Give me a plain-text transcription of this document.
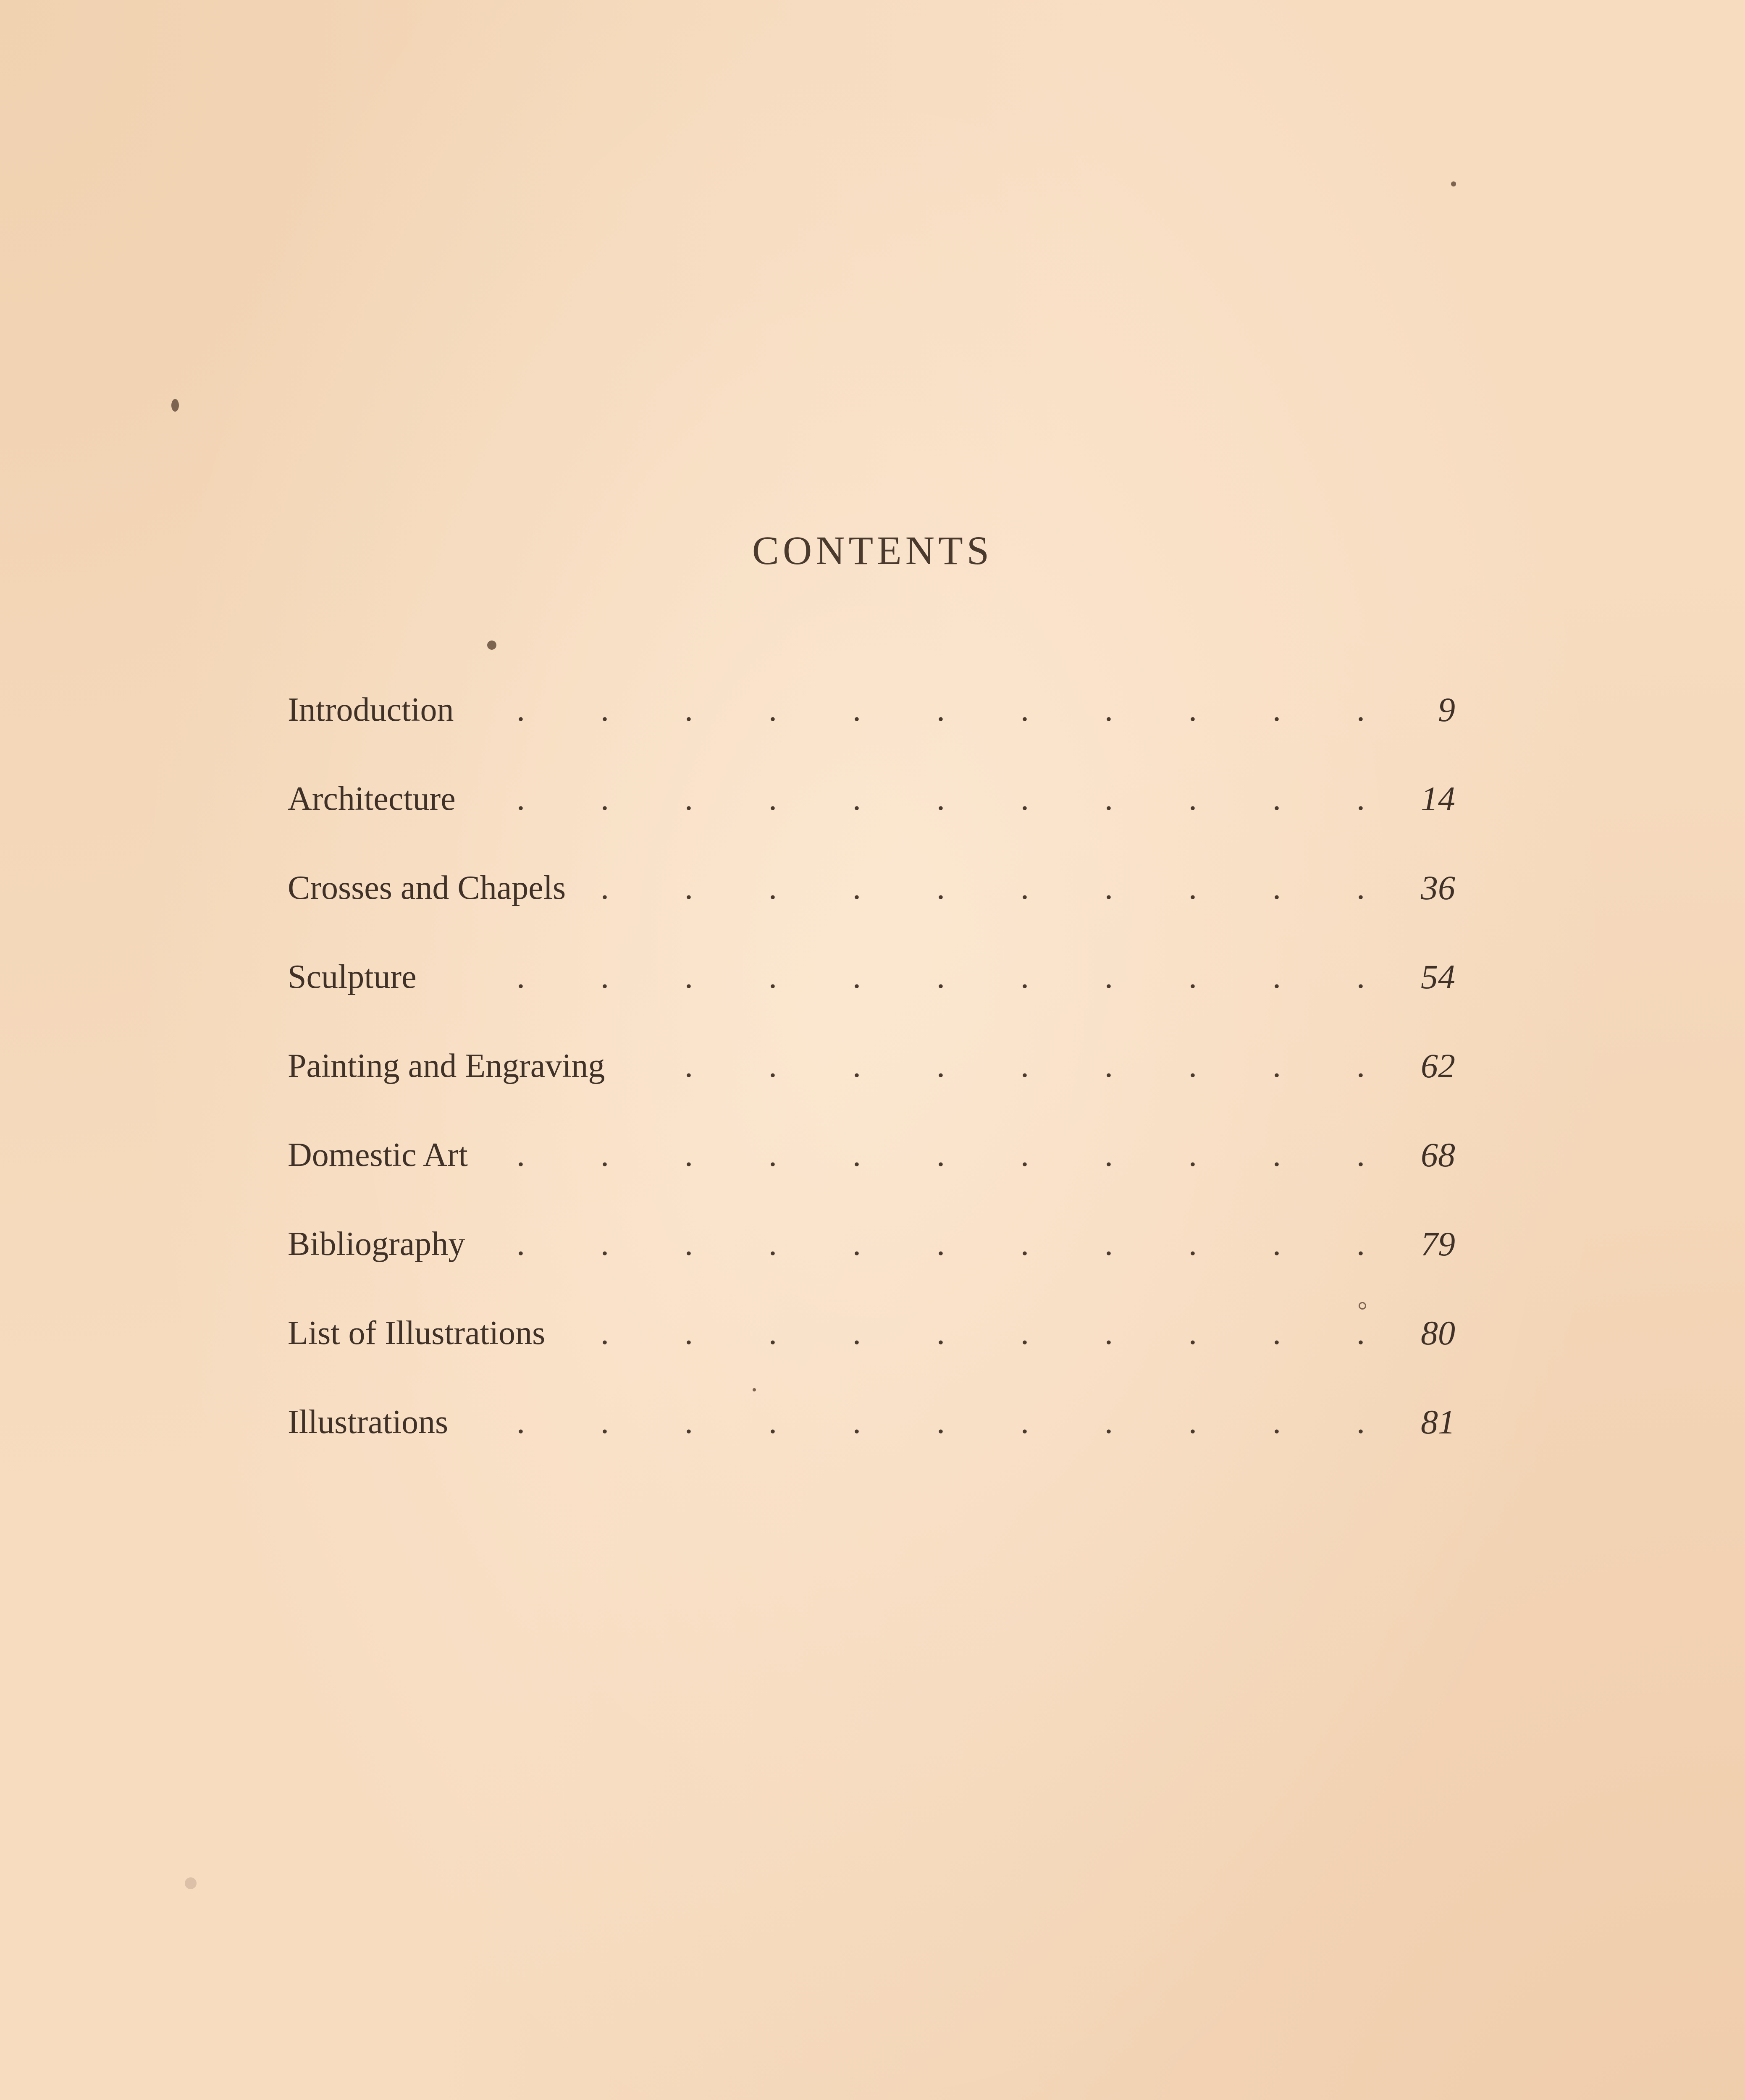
CONTENTS
Introduction . . . . . . . . . . . 9
Architecture . . . . . . . . . . . 14
Crosses and Chapels . . . . . . . . . . 36
Sculpture	. . . . . . . . . . . 54
Painting and Engraving . . . . . . . . . 62
Domestic Art . . . . . . . . . . . 68
Bibliography . . . . . . . . . . . 79
List of Illustrations . . . . . . . . . . 80
Illustrations . . . . . . . . . . . 81
